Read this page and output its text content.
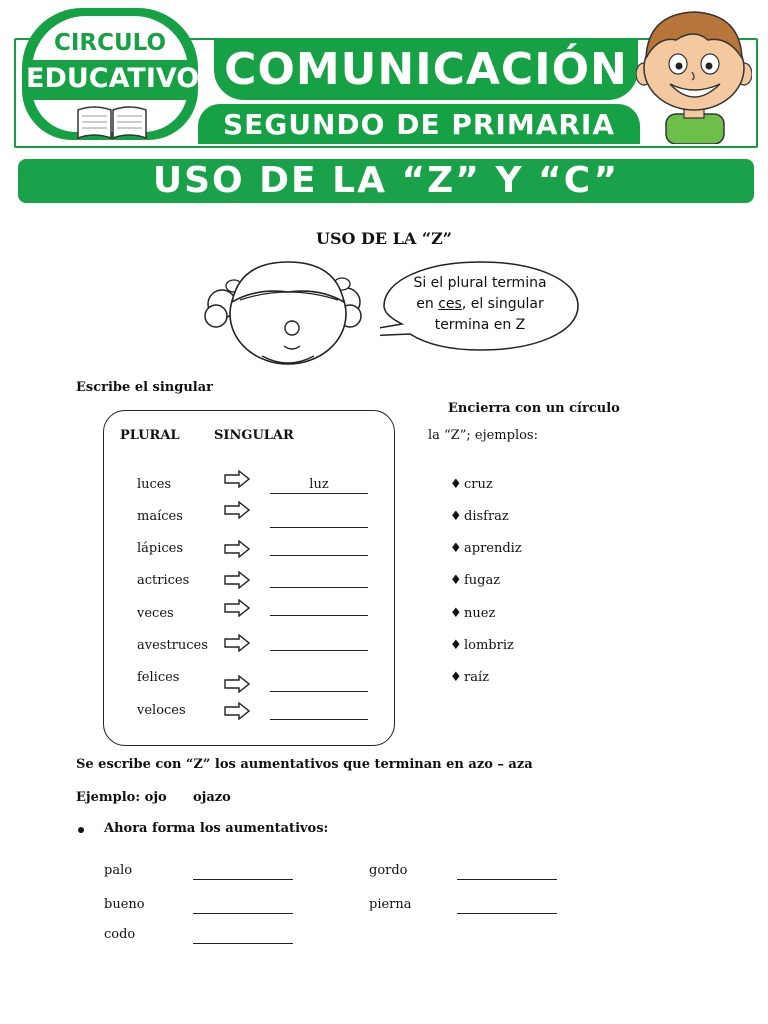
CIRCULO
EDUCATIVO COMUNICACIÓN
SEGUNDO DE PRIMARIA
USO DE LA “Z” Y “C”
USO DE LA “Z”
Si el plural termina
en ces, el singular
termina en Z
Escribe el singular
PLURAL	SINGULAR
luces	luz
maíces
lápices
actrices
veces
avestruces
felices
veloces
Encierra con un círculo
la “Z”; ejemplos:
♦ cruz
♦ disfraz
♦ aprendiz
♦ fugaz
♦ nuez
♦ lombriz
♦ raíz
Se escribe con “Z” los aumentativos que terminan en azo – aza
Ejemplo: ojo ojazo
Ahora forma los aumentativos:
palo	gordo
bueno	pierna
codo
